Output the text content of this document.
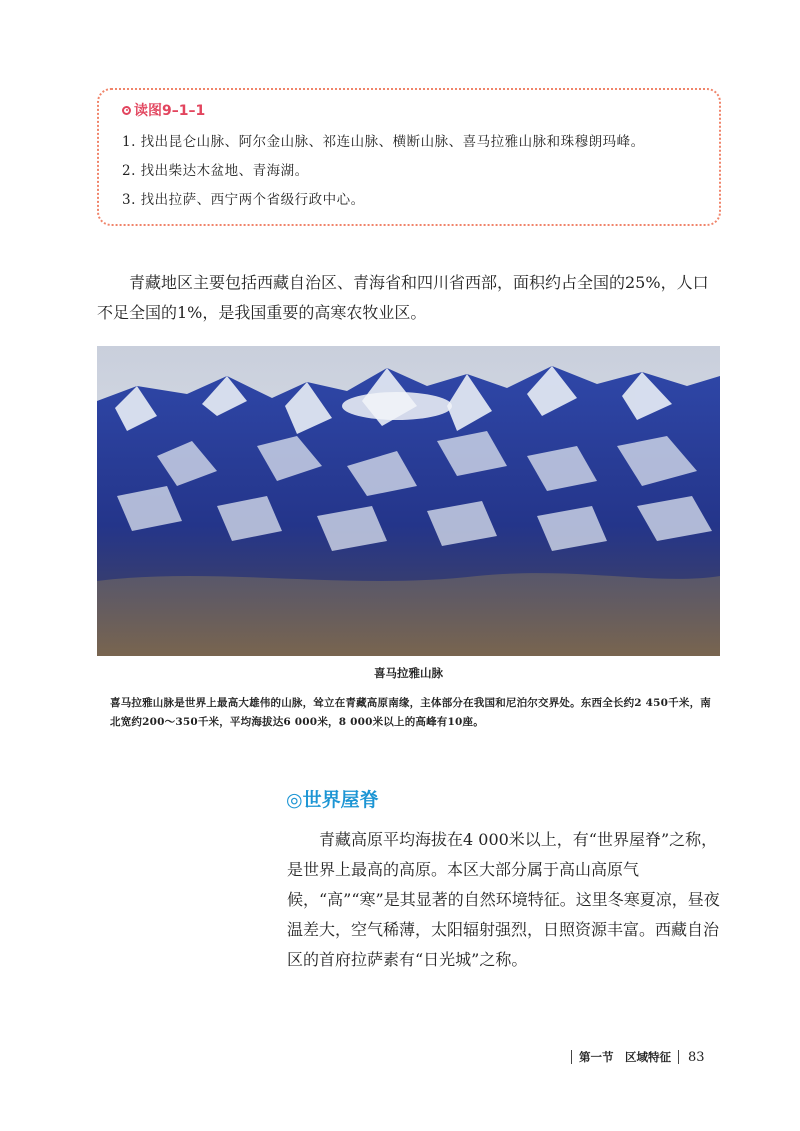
读图9–1–1
1. 找出昆仑山脉、阿尔金山脉、祁连山脉、横断山脉、喜马拉雅山脉和珠穆朗玛峰。
2. 找出柴达木盆地、青海湖。
3. 找出拉萨、西宁两个省级行政中心。

青藏地区主要包括西藏自治区、青海省和四川省西部，面积约占全国的25%，人口不足全国的1%，是我国重要的高寒农牧业区。

喜马拉雅山脉

喜马拉雅山脉是世界上最高大雄伟的山脉，耸立在青藏高原南缘，主体部分在我国和尼泊尔交界处。东西全长约2 450千米，南北宽约200～350千米，平均海拔达6 000米，8 000米以上的高峰有10座。

◎世界屋脊

青藏高原平均海拔在4 000米以上，有“世界屋脊”之称，是世界上最高的高原。本区大部分属于高山高原气候，“高”“寒”是其显著的自然环境特征。这里冬寒夏凉，昼夜温差大，空气稀薄，太阳辐射强烈，日照资源丰富。西藏自治区的首府拉萨素有“日光城”之称。

第一节　区域特征 83
